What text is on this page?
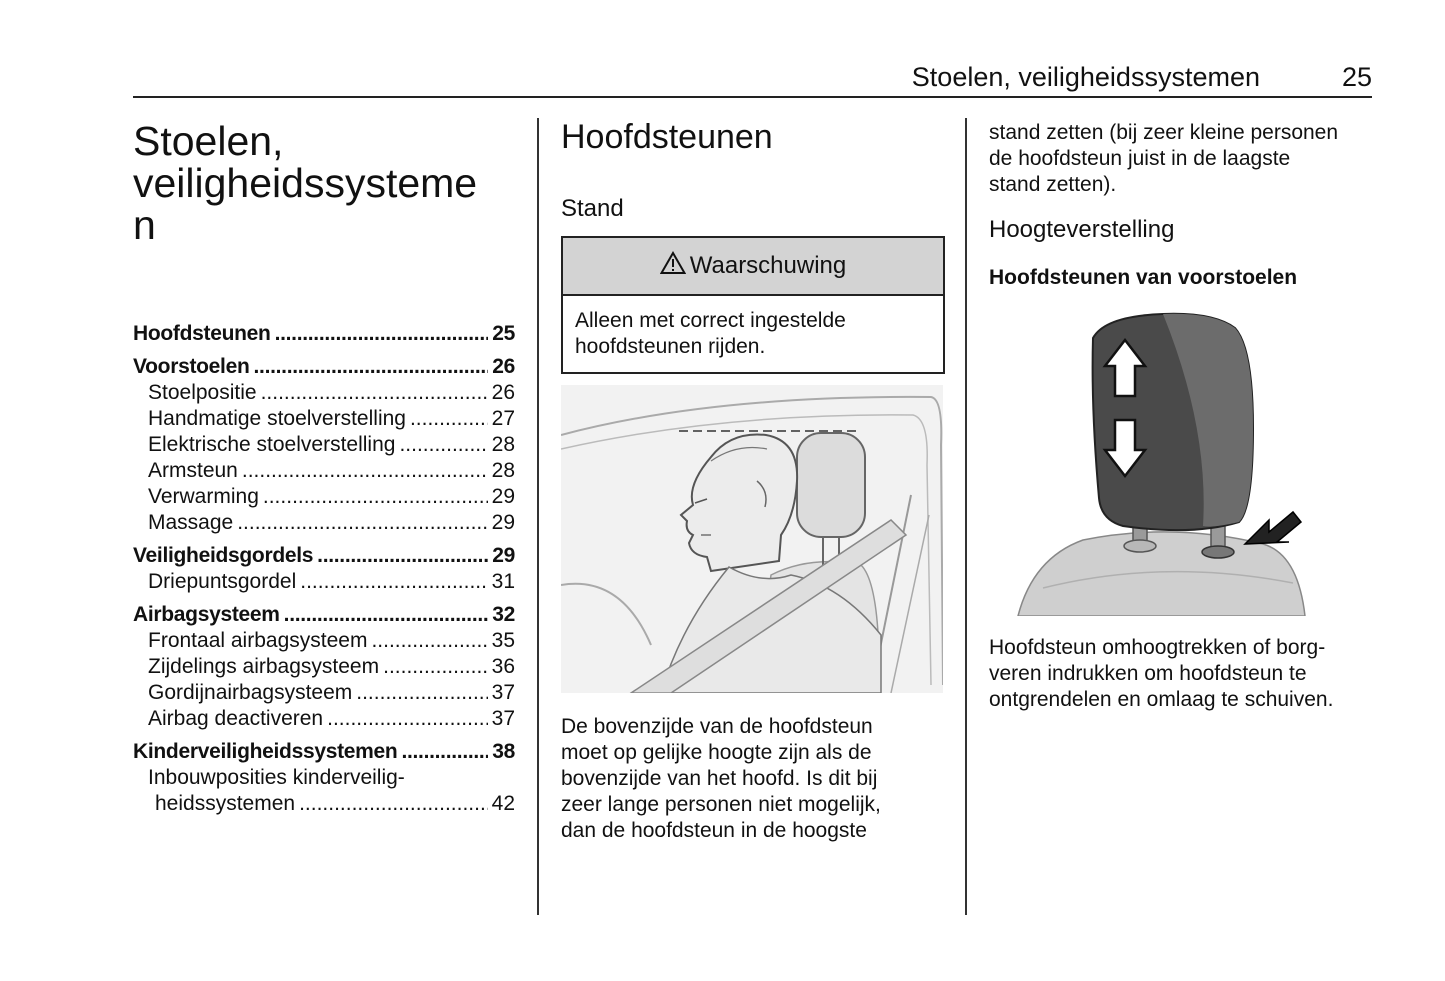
Stoelen, veiligheidssystemen	25
Stoelen,
veiligheidssysteme
n
Hoofdsteunen .....	25
Voorstoelen .....	26
Stoelpositie .....	26
Handmatige stoelverstelling .....	27
Elektrische stoelverstelling .....	28
Armsteun .....	28
Verwarming .....	29
Massage .....	29
Veiligheidsgordels .....	29
Driepuntsgordel .....	31
Airbagsysteem .....	32
Frontaal airbagsysteem .....	35
Zijdelings airbagsysteem .....	36
Gordijnairbagsysteem .....	37
Airbag deactiveren .....	37
Kinderveiligheidssystemen .....	38
Inbouwposities kinderveilig-
heidssystemen .....	42
Hoofdsteunen
Stand
Waarschuwing
Alleen met correct ingestelde
hoofdsteunen rijden.
De bovenzijde van de hoofdsteun
moet op gelijke hoogte zijn als de
bovenzijde van het hoofd. Is dit bij
zeer lange personen niet mogelijk,
dan de hoofdsteun in de hoogste
stand zetten (bij zeer kleine personen
de hoofdsteun juist in de laagste
stand zetten).
Hoogteverstelling
Hoofdsteunen van voorstoelen
Hoofdsteun omhoogtrekken of borg-
veren indrukken om hoofdsteun te
ontgrendelen en omlaag te schuiven.
